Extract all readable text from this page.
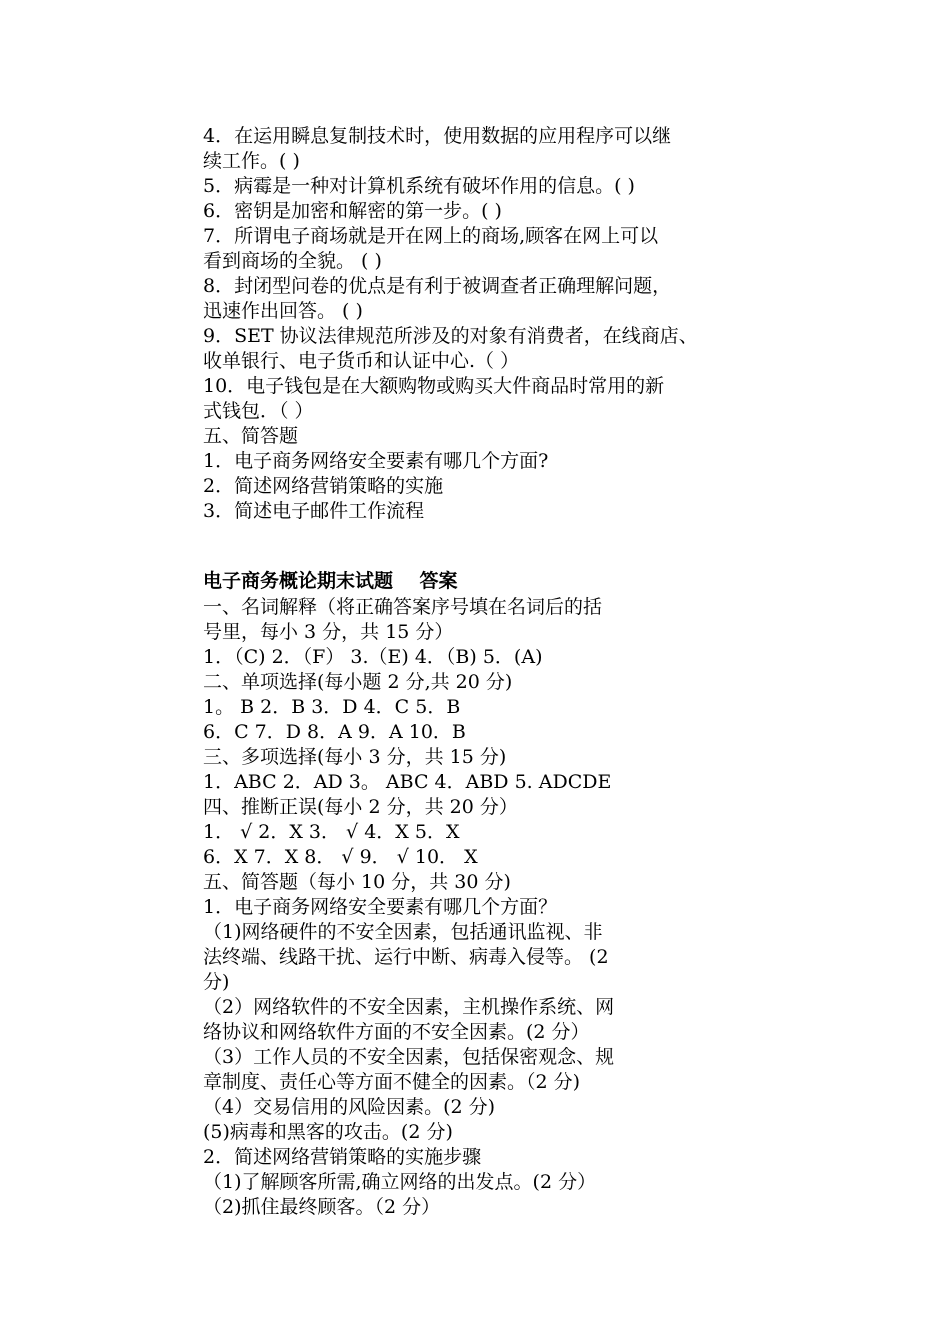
4．在运用瞬息复制技术时，使用数据的应用程序可以继
续工作。( )
5．病霉是一种对计算机系统有破坏作用的信息。( )
6．密钥是加密和解密的第一步。( )
7．所谓电子商场就是开在网上的商场,顾客在网上可以
看到商场的全貌。 ( )
8．封闭型问卷的优点是有利于被调查者正确理解问题，
迅速作出回答。 ( )
9．SET 协议法律规范所涉及的对象有消费者，在线商店、
收单银行、电子货币和认证中心.（ ）
10．电子钱包是在大额购物或购买大件商品时常用的新
式钱包．（ ）
五、简答题
1．电子商务网络安全要素有哪几个方面?
2．简述网络营销策略的实施
3．简述电子邮件工作流程
电子商务概论期末试题    答案
一、名词解释（将正确答案序号填在名词后的括
号里，每小 3 分，共 15 分）
1．（C) 2．（F） 3.（E) 4．（B) 5．(A)
二、单项选择(每小题 2 分,共 20 分)
1。 B 2．B 3．D 4．C 5．B
6．C 7．D 8．A 9．A 10．B
三、多项选择(每小 3 分，共 15 分)
1．ABC 2．AD 3。 ABC 4．ABD 5. ADCDE
四、推断正误(每小 2 分，共 20 分）
1． √ 2．X 3． √ 4．X 5．X
6．X 7．X 8． √ 9． √ 10． X
五、简答题（每小 10 分，共 30 分)
1．电子商务网络安全要素有哪几个方面？
（1)网络硬件的不安全因素，包括通讯监视、非
法终端、线路干扰、运行中断、病毒入侵等。 (2
分)
（2）网络软件的不安全因素，主机操作系统、网
络协议和网络软件方面的不安全因素。(2 分）
（3）工作人员的不安全因素，包括保密观念、规
章制度、责任心等方面不健全的因素。（2 分)
（4）交易信用的风险因素。(2 分)
(5)病毒和黑客的攻击。(2 分)
2．简述网络营销策略的实施步骤
（1)了解顾客所需,确立网络的出发点。(2 分）
（2)抓住最终顾客。（2 分）
